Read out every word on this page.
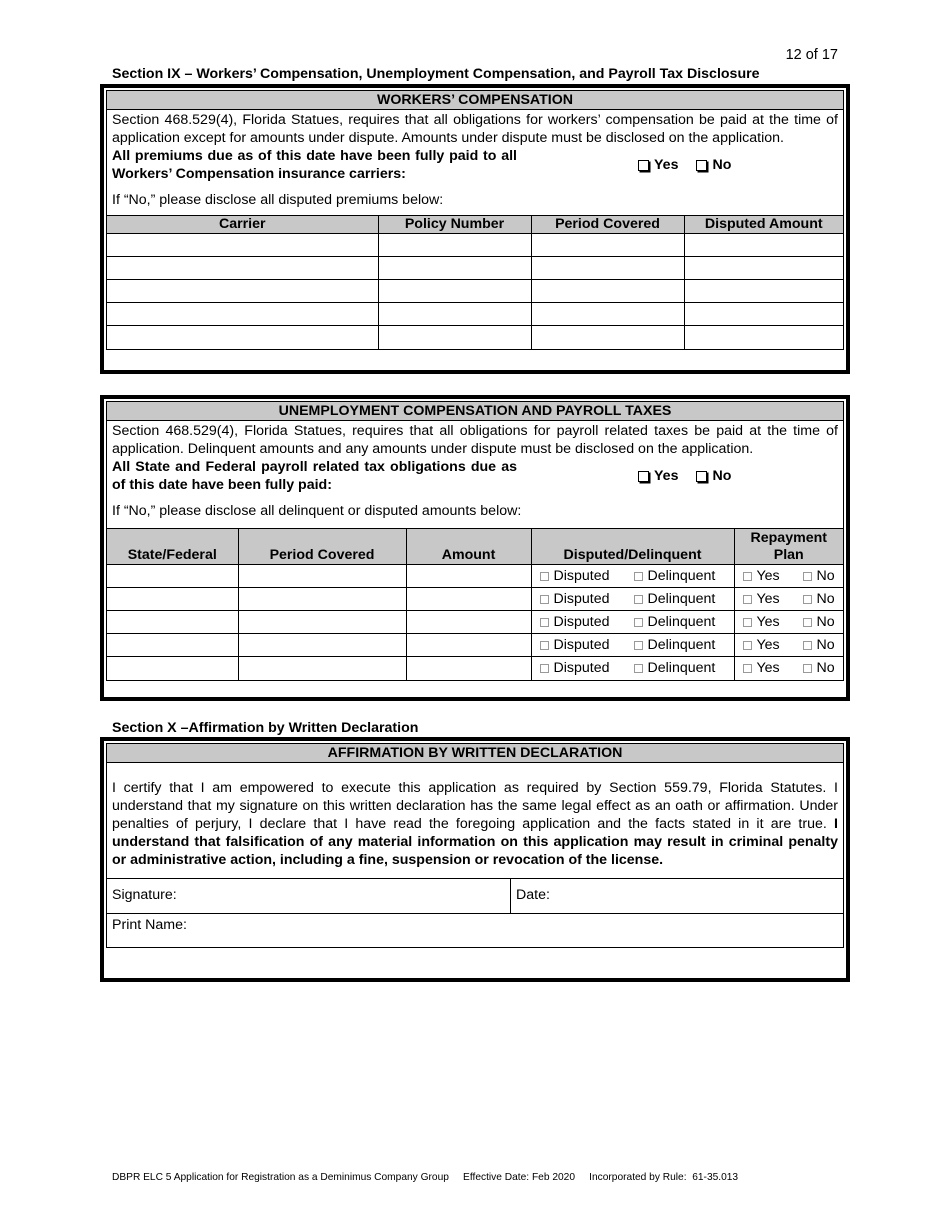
12 of 17
Section IX – Workers’ Compensation, Unemployment Compensation, and Payroll Tax Disclosure
WORKERS’ COMPENSATION
Section 468.529(4), Florida Statues, requires that all obligations for workers’ compensation be paid at the time of application except for amounts under dispute. Amounts under dispute must be disclosed on the application.
All premiums due as of this date have been fully paid to all Workers’ Compensation insurance carriers:
Yes No
If “No,” please disclose all disputed premiums below:
Carrier	Policy Number	Period Covered	Disputed Amount

UNEMPLOYMENT COMPENSATION AND PAYROLL TAXES
Section 468.529(4), Florida Statues, requires that all obligations for payroll related taxes be paid at the time of application. Delinquent amounts and any amounts under dispute must be disclosed on the application.
All State and Federal payroll related tax obligations due as of this date have been fully paid:
Yes No
If “No,” please disclose all delinquent or disputed amounts below:
State/Federal	Period Covered	Amount	Disputed/Delinquent	Repayment Plan
			Disputed Delinquent	Yes No
			Disputed Delinquent	Yes No
			Disputed Delinquent	Yes No
			Disputed Delinquent	Yes No
			Disputed Delinquent	Yes No
Section X –Affirmation by Written Declaration
AFFIRMATION BY WRITTEN DECLARATION
I certify that I am empowered to execute this application as required by Section 559.79, Florida Statutes. I understand that my signature on this written declaration has the same legal effect as an oath or affirmation. Under penalties of perjury, I declare that I have read the foregoing application and the facts stated in it are true. I understand that falsification of any material information on this application may result in criminal penalty or administrative action, including a fine, suspension or revocation of the license.
Signature:	Date:
Print Name:
DBPR ELC 5 Application for Registration as a Deminimus Company Group     Effective Date: Feb 2020     Incorporated by Rule:  61-35.013
